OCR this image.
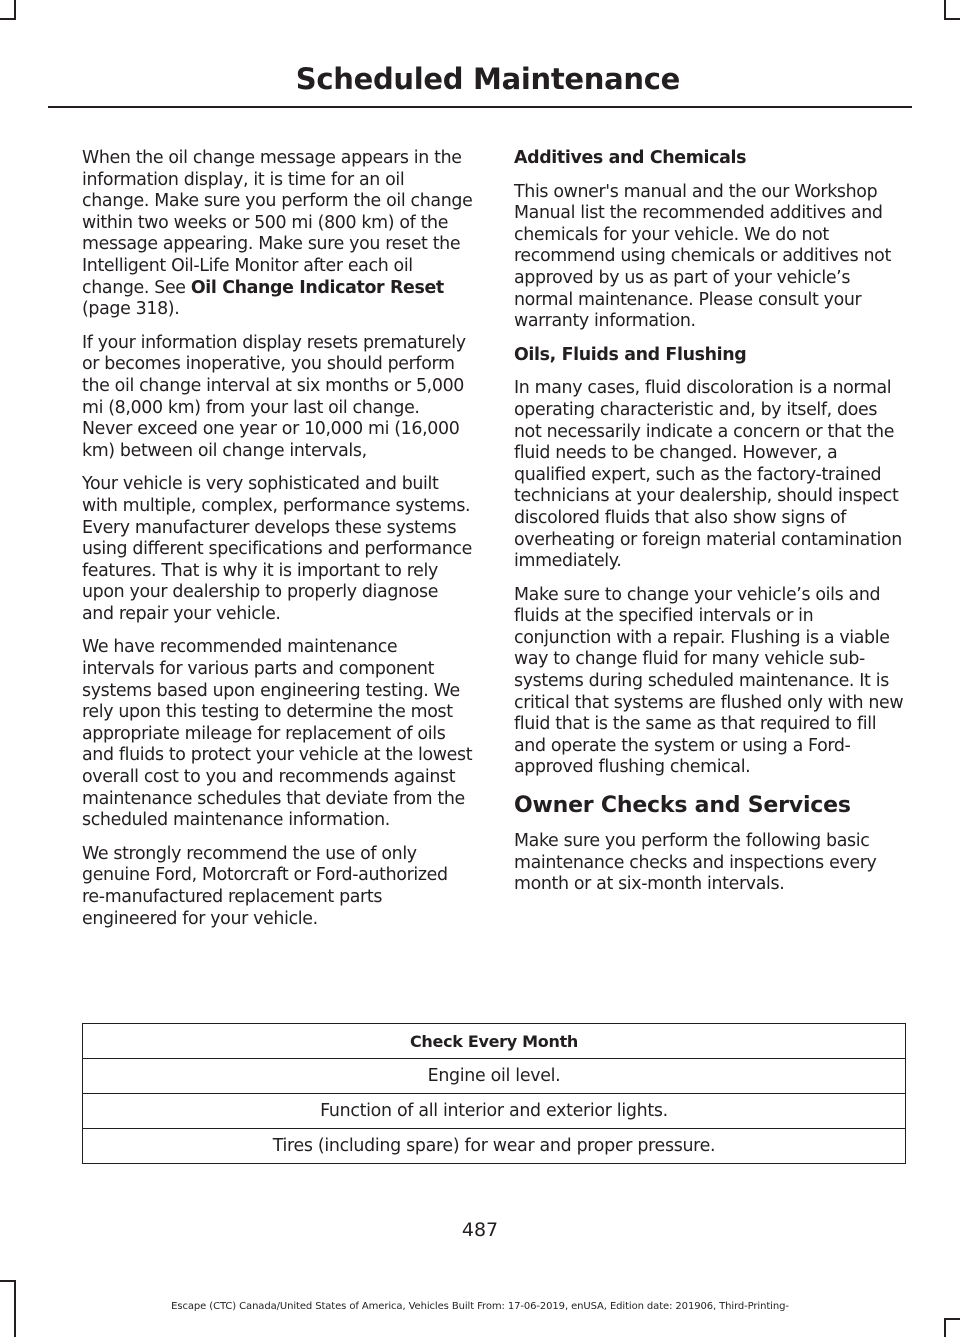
Scheduled Maintenance

When the oil change message appears in the information display, it is time for an oil change. Make sure you perform the oil change within two weeks or 500 mi (800 km) of the message appearing. Make sure you reset the Intelligent Oil-Life Monitor after each oil change. See Oil Change Indicator Reset (page 318).

If your information display resets prematurely or becomes inoperative, you should perform the oil change interval at six months or 5,000 mi (8,000 km) from your last oil change. Never exceed one year or 10,000 mi (16,000 km) between oil change intervals,

Your vehicle is very sophisticated and built with multiple, complex, performance systems. Every manufacturer develops these systems using different specifications and performance features. That is why it is important to rely upon your dealership to properly diagnose and repair your vehicle.

We have recommended maintenance intervals for various parts and component systems based upon engineering testing. We rely upon this testing to determine the most appropriate mileage for replacement of oils and fluids to protect your vehicle at the lowest overall cost to you and recommends against maintenance schedules that deviate from the scheduled maintenance information.

We strongly recommend the use of only genuine Ford, Motorcraft or Ford-authorized re-manufactured replacement parts engineered for your vehicle.

Additives and Chemicals

This owner's manual and the our Workshop Manual list the recommended additives and chemicals for your vehicle. We do not recommend using chemicals or additives not approved by us as part of your vehicle’s normal maintenance. Please consult your warranty information.

Oils, Fluids and Flushing

In many cases, fluid discoloration is a normal operating characteristic and, by itself, does not necessarily indicate a concern or that the fluid needs to be changed. However, a qualified expert, such as the factory-trained technicians at your dealership, should inspect discolored fluids that also show signs of overheating or foreign material contamination immediately.

Make sure to change your vehicle’s oils and fluids at the specified intervals or in conjunction with a repair. Flushing is a viable way to change fluid for many vehicle sub-systems during scheduled maintenance. It is critical that systems are flushed only with new fluid that is the same as that required to fill and operate the system or using a Ford-approved flushing chemical.

Owner Checks and Services

Make sure you perform the following basic maintenance checks and inspections every month or at six-month intervals.

Check Every Month
Engine oil level.
Function of all interior and exterior lights.
Tires (including spare) for wear and proper pressure.
487
Escape (CTC) Canada/United States of America, Vehicles Built From: 17-06-2019, enUSA, Edition date: 201906, Third-Printing-
